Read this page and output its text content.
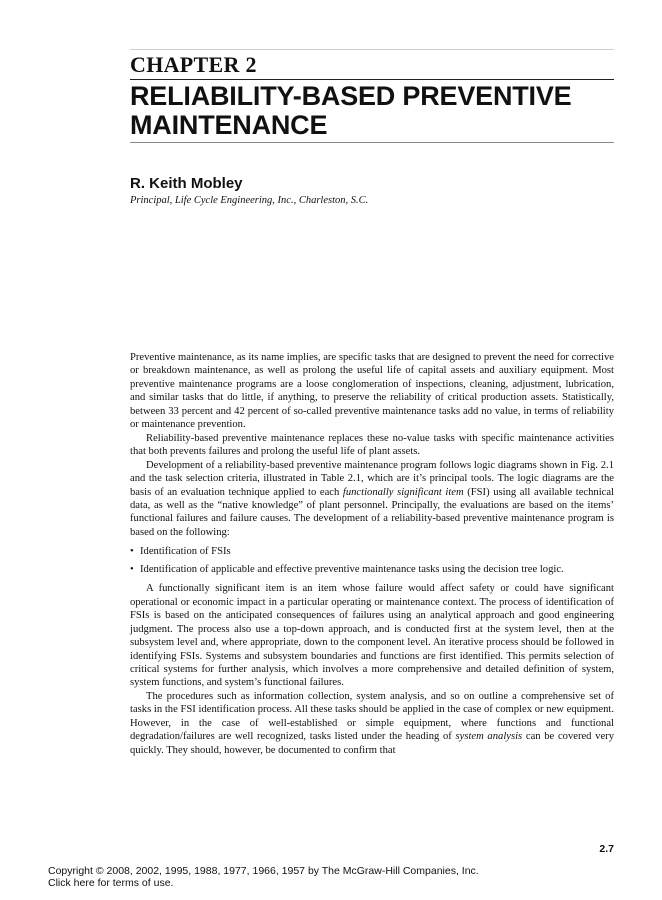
CHAPTER 2
RELIABILITY-BASED PREVENTIVE MAINTENANCE
R. Keith Mobley
Principal, Life Cycle Engineering, Inc., Charleston, S.C.

Preventive maintenance, as its name implies, are specific tasks that are designed to prevent the need for corrective or breakdown maintenance, as well as prolong the useful life of capital assets and auxiliary equipment. Most preventive maintenance programs are a loose conglomeration of inspections, cleaning, adjustment, lubrication, and similar tasks that do little, if anything, to preserve the reliability of critical production assets. Statistically, between 33 percent and 42 percent of so-called preventive maintenance tasks add no value, in terms of reliability or maintenance prevention.

Reliability-based preventive maintenance replaces these no-value tasks with specific maintenance activities that both prevents failures and prolong the useful life of plant assets.

Development of a reliability-based preventive maintenance program follows logic diagrams shown in Fig. 2.1 and the task selection criteria, illustrated in Table 2.1, which are it’s principal tools. The logic diagrams are the basis of an evaluation technique applied to each functionally significant item (FSI) using all available technical data, as well as the “native knowledge” of plant personnel. Principally, the evaluations are based on the items’ functional failures and failure causes. The development of a reliability-based preventive maintenance program is based on the following:

• Identification of FSIs
• Identification of applicable and effective preventive maintenance tasks using the decision tree logic.

A functionally significant item is an item whose failure would affect safety or could have significant operational or economic impact in a particular operating or maintenance context. The process of identification of FSIs is based on the anticipated consequences of failures using an analytical approach and good engineering judgment. The process also use a top-down approach, and is conducted first at the system level, then at the subsystem level and, where appropriate, down to the component level. An iterative process should be followed in identifying FSIs. Systems and subsystem boundaries and functions are first identified. This permits selection of critical systems for further analysis, which involves a more comprehensive and detailed definition of system, system functions, and system’s functional failures.

The procedures such as information collection, system analysis, and so on outline a comprehensive set of tasks in the FSI identification process. All these tasks should be applied in the case of complex or new equipment. However, in the case of well-established or simple equipment, where functions and functional degradation/failures are well recognized, tasks listed under the heading of system analysis can be covered very quickly. They should, however, be documented to confirm that

2.7
Copyright © 2008, 2002, 1995, 1988, 1977, 1966, 1957 by The McGraw-Hill Companies, Inc.
Click here for terms of use.
